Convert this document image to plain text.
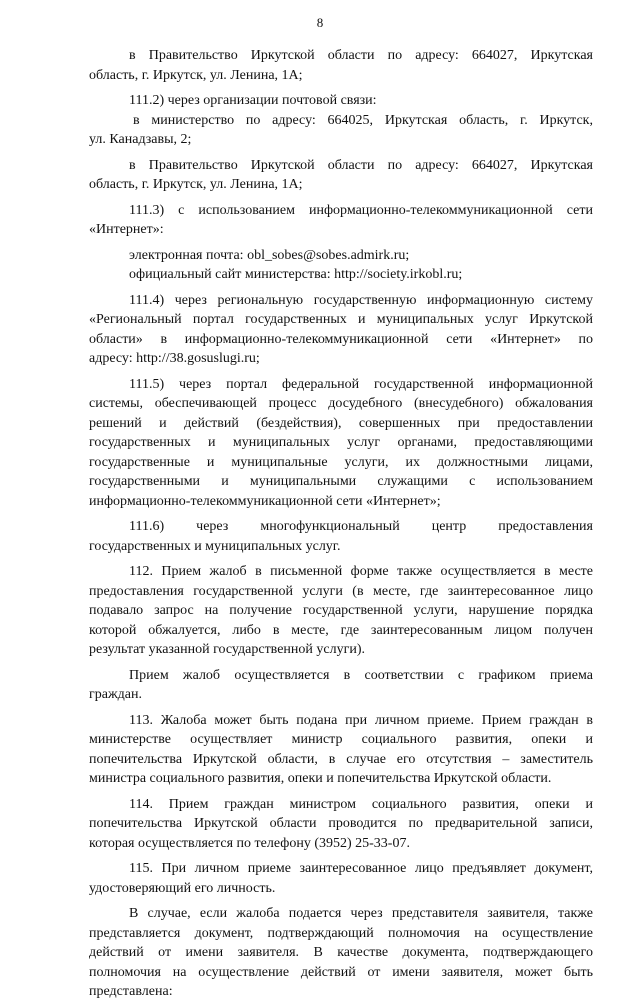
8
в Правительство Иркутской области по адресу: 664027, Иркутская
область, г. Иркутск, ул. Ленина, 1А;
111.2) через организации почтовой связи:
в министерство по адресу: 664025, Иркутская область, г. Иркутск,
ул. Канадзавы, 2;
в Правительство Иркутской области по адресу: 664027, Иркутская
область, г. Иркутск, ул. Ленина, 1А;
111.3) с использованием информационно-телекоммуникационной сети
«Интернет»:
электронная почта: obl_sobes@sobes.admirk.ru;
официальный сайт министерства: http://society.irkobl.ru;
111.4) через региональную государственную информационную систему
«Региональный портал государственных и муниципальных услуг Иркутской
области» в информационно-телекоммуникационной сети «Интернет» по
адресу: http://38.gosuslugi.ru;
111.5) через портал федеральной государственной информационной
системы, обеспечивающей процесс досудебного (внесудебного) обжалования
решений и действий (бездействия), совершенных при предоставлении
государственных и муниципальных услуг органами, предоставляющими
государственные и муниципальные услуги, их должностными лицами,
государственными и муниципальными служащими с использованием
информационно-телекоммуникационной сети «Интернет»;
111.6) через многофункциональный центр предоставления
государственных и муниципальных услуг.
112. Прием жалоб в письменной форме также осуществляется в месте
предоставления государственной услуги (в месте, где заинтересованное лицо
подавало запрос на получение государственной услуги, нарушение порядка
которой обжалуется, либо в месте, где заинтересованным лицом получен
результат указанной государственной услуги).
Прием жалоб осуществляется в соответствии с графиком приема
граждан.
113. Жалоба может быть подана при личном приеме. Прием граждан в
министерстве осуществляет министр социального развития, опеки и
попечительства Иркутской области, в случае его отсутствия – заместитель
министра социального развития, опеки и попечительства Иркутской области.
114. Прием граждан министром социального развития, опеки и
попечительства Иркутской области проводится по предварительной записи,
которая осуществляется по телефону (3952) 25-33-07.
115. При личном приеме заинтересованное лицо предъявляет документ,
удостоверяющий его личность.
В случае, если жалоба подается через представителя заявителя, также
представляется документ, подтверждающий полномочия на осуществление
действий от имени заявителя. В качестве документа, подтверждающего
полномочия на осуществление действий от имени заявителя, может быть
представлена:
